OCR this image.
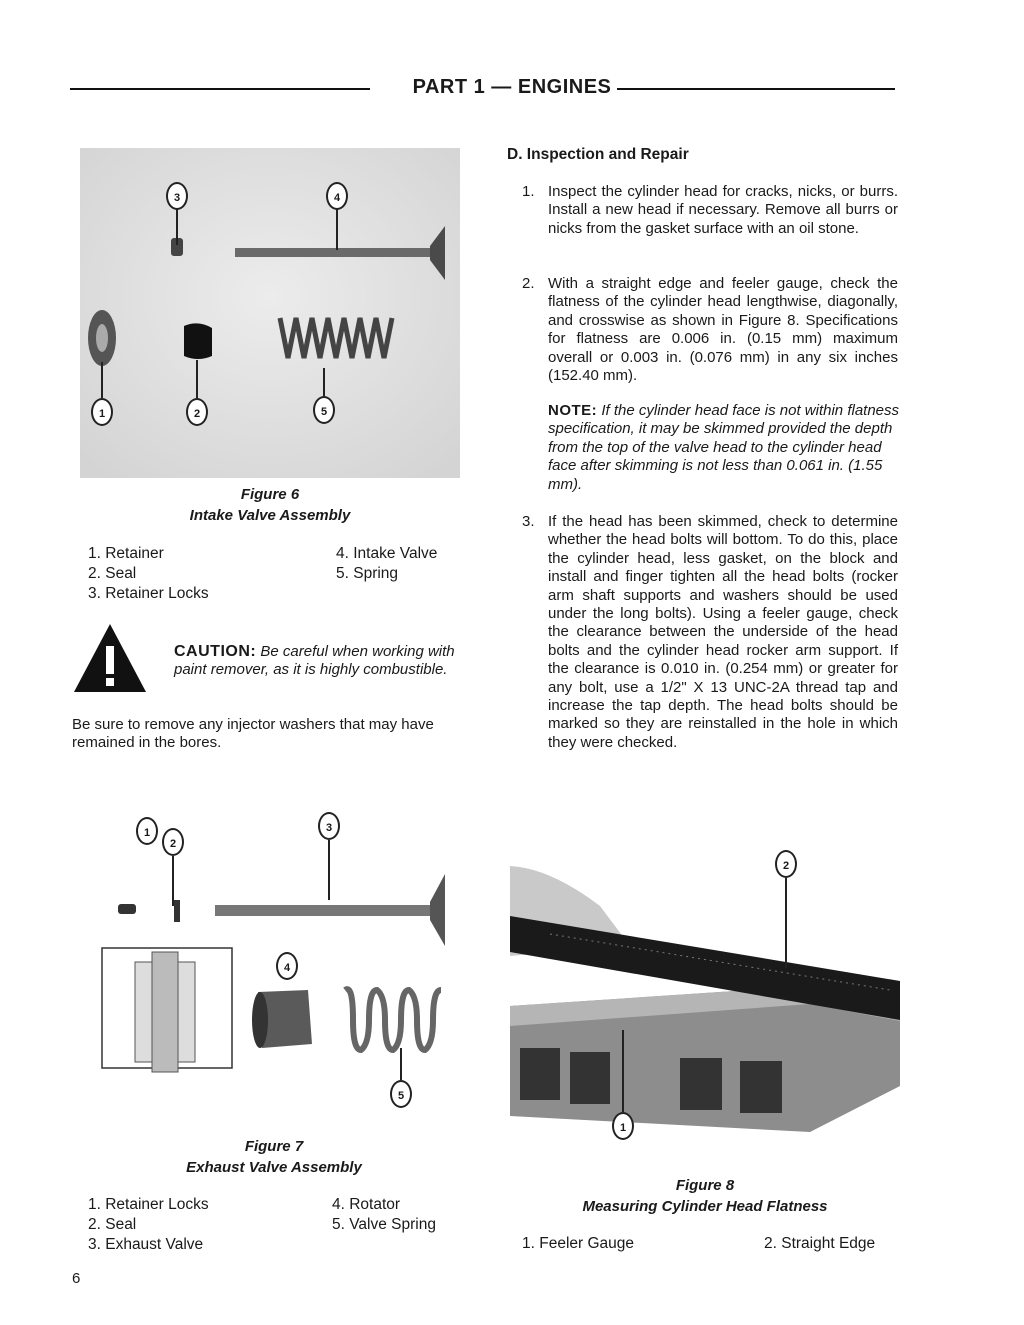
PART 1 — ENGINES
3	4
1	2	5
Figure 6
Intake Valve Assembly
1. Retainer
2. Seal
3. Retainer Locks
4. Intake Valve
5. Spring
CAUTION: Be careful when working with paint remover, as it is highly combustible.
Be sure to remove any injector washers that may have remained in the bores.
D. Inspection and Repair
1. Inspect the cylinder head for cracks, nicks, or burrs. Install a new head if necessary. Remove all burrs or nicks from the gasket surface with an oil stone.
2. With a straight edge and feeler gauge, check the flatness of the cylinder head lengthwise, diagonally, and crosswise as shown in Figure 8. Specifications for flatness are 0.006 in. (0.15 mm) maximum overall or 0.003 in. (0.076 mm) in any six inches (152.40 mm).
NOTE: If the cylinder head face is not within flatness specification, it may be skimmed provided the depth from the top of the valve head to the cylinder head face after skimming is not less than 0.061 in. (1.55 mm).
3. If the head has been skimmed, check to determine whether the head bolts will bottom. To do this, place the cylinder head, less gasket, on the block and install and finger tighten all the head bolts (rocker arm shaft supports and washers should be used under the long bolts). Using a feeler gauge, check the clearance between the underside of the head bolts and the cylinder head rocker arm support. If the clearance is 0.010 in. (0.254 mm) or greater for any bolt, use a 1/2" X 13 UNC-2A thread tap and increase the tap depth. The head bolts should be marked so they are reinstalled in the hole in which they were checked.
1
2
3
4
5
Figure 7
Exhaust Valve Assembly
1. Retainer Locks
2. Seal
3. Exhaust Valve
4. Rotator
5. Valve Spring
2
1
Figure 8
Measuring Cylinder Head Flatness
1. Feeler Gauge	2. Straight Edge
6
